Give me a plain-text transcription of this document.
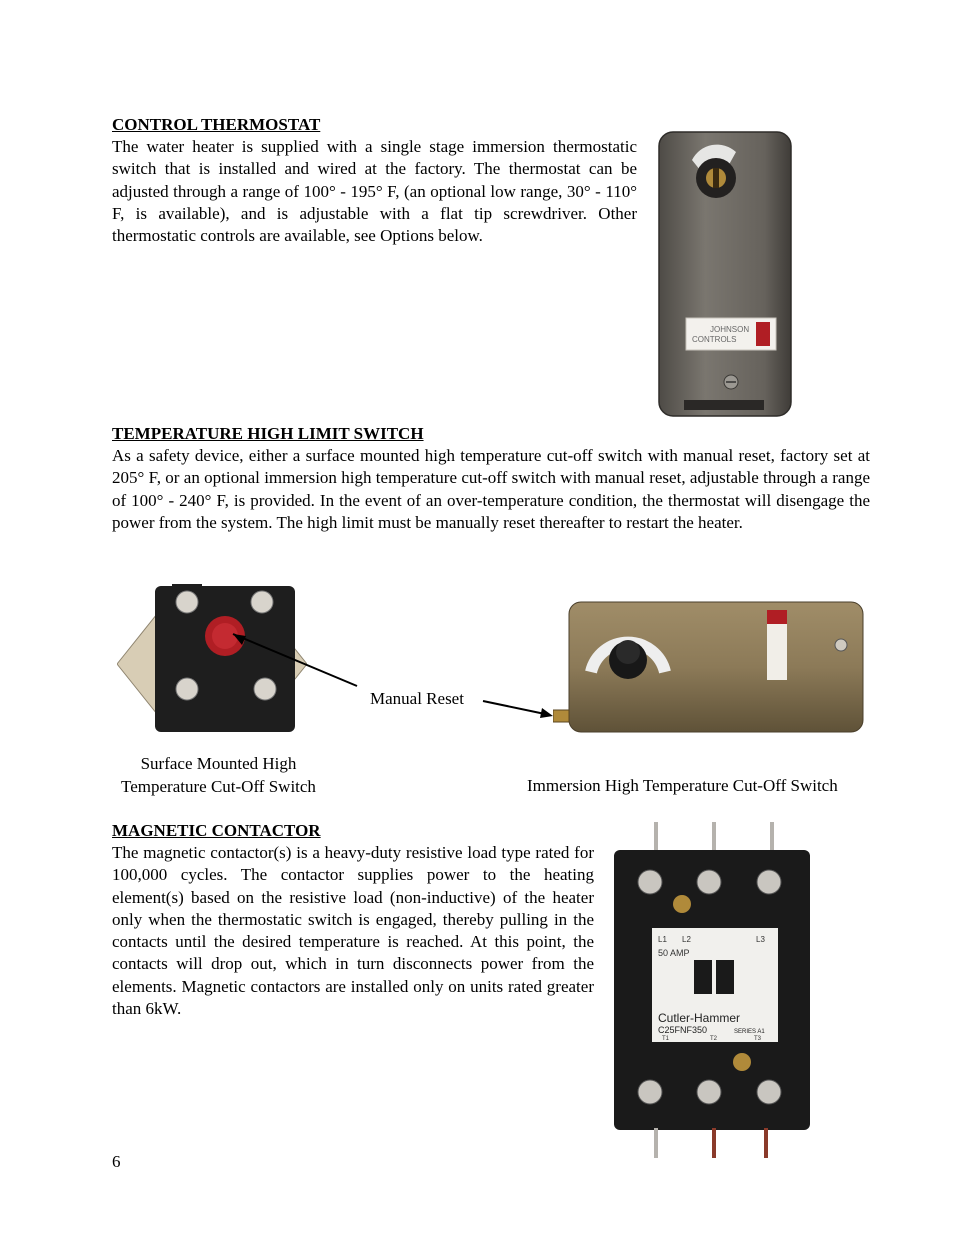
CONTROL THERMOSTAT
The water heater is supplied with a single stage immersion thermostatic switch that is installed and wired at the factory. The thermostat can be adjusted through a range of 100° - 195° F, (an optional low range, 30° - 110° F, is available), and is adjustable with a flat tip screwdriver. Other thermostatic controls are available, see Options below.
JOHNSON
CONTROLS
TEMPERATURE HIGH LIMIT SWITCH
As a safety device, either a surface mounted high temperature cut-off switch with manual reset, factory set at 205° F, or an optional immersion high temperature cut-off switch with manual reset, adjustable through a range of 100° - 240° F, is provided. In the event of an over-temperature condition, the thermostat will disengage the power from the system. The high limit must be manually reset thereafter to restart the heater.
Manual Reset
Surface Mounted High
Temperature Cut-Off Switch	Immersion High Temperature Cut-Off Switch
MAGNETIC CONTACTOR
The magnetic contactor(s) is a heavy-duty resistive load type rated for 100,000 cycles. The contactor supplies power to the heating element(s) based on the resistive load (non-inductive) of the heater only when the thermostatic switch is engaged, thereby pulling in the contacts until the desired temperature is reached. At this point, the contacts will drop out, which in turn disconnects power from the elements. Magnetic contactors are installed only on units rated greater than 6kW.
L1 L2	L3
50 AMP
Cutler-Hammer
C25FNF350	SERIES A1
T1	T2	T3
6
